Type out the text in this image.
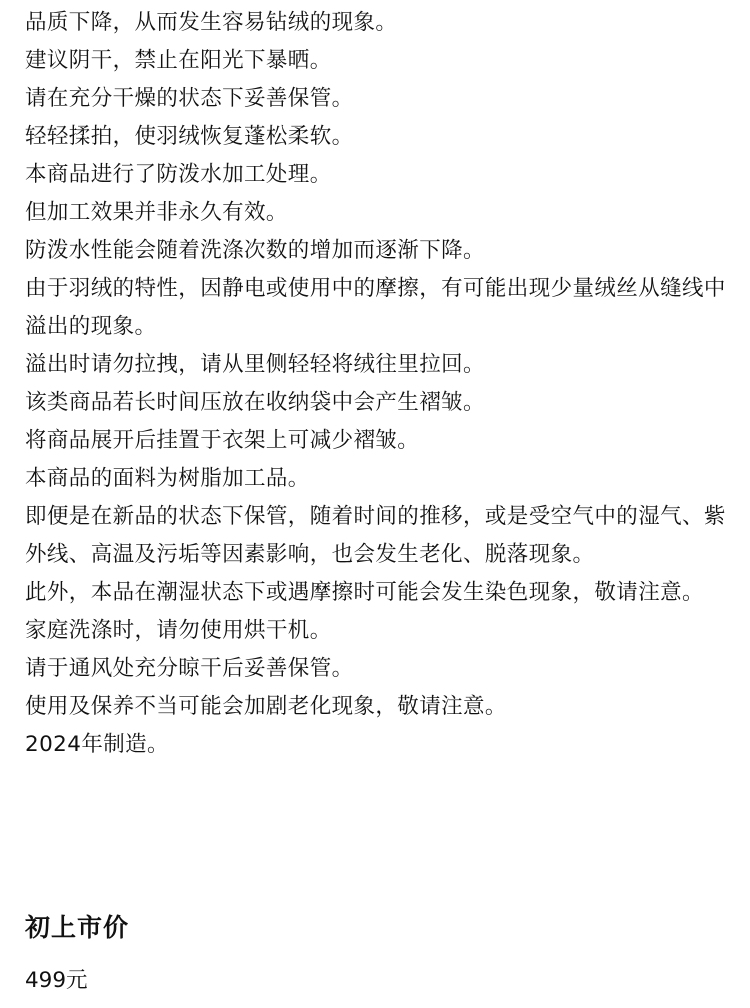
品质下降，从而发生容易钻绒的现象。

建议阴干，禁止在阳光下暴晒。

请在充分干燥的状态下妥善保管。

轻轻揉拍，使羽绒恢复蓬松柔软。

本商品进行了防泼水加工处理。

但加工效果并非永久有效。

防泼水性能会随着洗涤次数的增加而逐渐下降。

由于羽绒的特性，因静电或使用中的摩擦，有可能出现少量绒丝从缝线中溢出的现象。

溢出时请勿拉拽，请从里侧轻轻将绒往里拉回。

该类商品若长时间压放在收纳袋中会产生褶皱。

将商品展开后挂置于衣架上可减少褶皱。

本商品的面料为树脂加工品。

即便是在新品的状态下保管，随着时间的推移，或是受空气中的湿气、紫外线、高温及污垢等因素影响，也会发生老化、脱落现象。

此外，本品在潮湿状态下或遇摩擦时可能会发生染色现象，敬请注意。

家庭洗涤时，请勿使用烘干机。

请于通风处充分晾干后妥善保管。

使用及保养不当可能会加剧老化现象，敬请注意。

2024年制造。

初上市价

499元
